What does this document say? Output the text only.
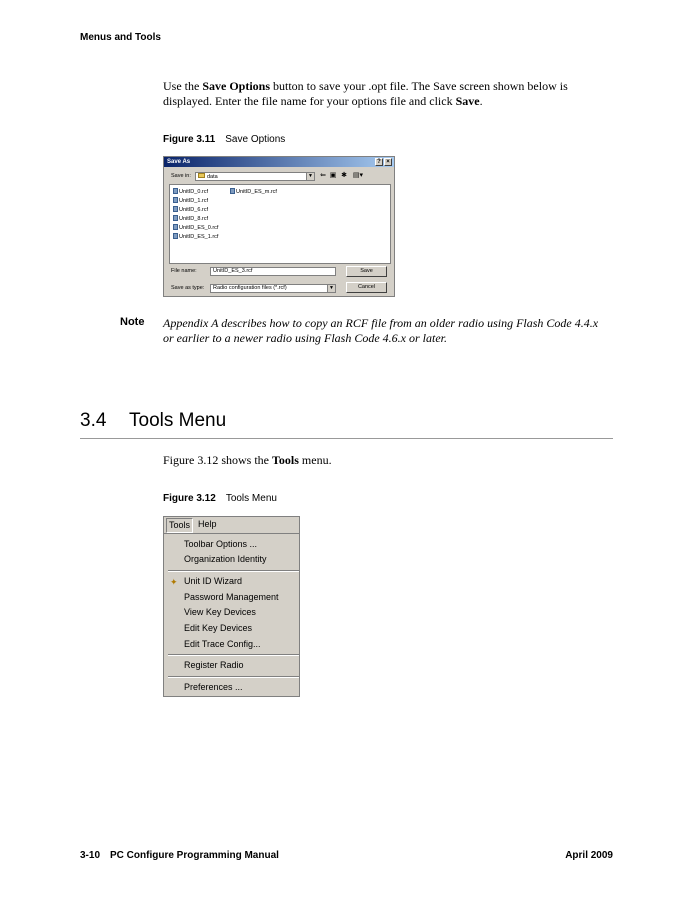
Menus and Tools
Use the Save Options button to save your .opt file. The Save screen shown below is displayed. Enter the file name for your options file and click Save.
Figure 3.11 Save Options
Save As	? ×
Save in:	data	▼ ⇐ ▣ ✱ ▤▾
UnitID_0.rcf
UnitID_1.rcf
UnitID_6.rcf
UnitID_8.rcf
UnitID_ES_0.rcf
UnitID_ES_1.rcf
UnitID_ES_m.rcf
File name:	UnitID_ES_3.rcf	Save
Save as type:	Radio configuration files (*.rcf)	▼	Cancel
Note Appendix A describes how to copy an RCF file from an older radio using Flash Code 4.4.x
or earlier to a newer radio using Flash Code 4.6.x or later.
3.4 Tools Menu
Figure 3.12 shows the Tools menu.
Figure 3.12 Tools Menu
Tools Help
Toolbar Options ...
Organization Identity
✦ Unit ID Wizard
Password Management
View Key Devices
Edit Key Devices
Edit Trace Config...
Register Radio
Preferences ...
3-10 PC Configure Programming Manual	April 2009
